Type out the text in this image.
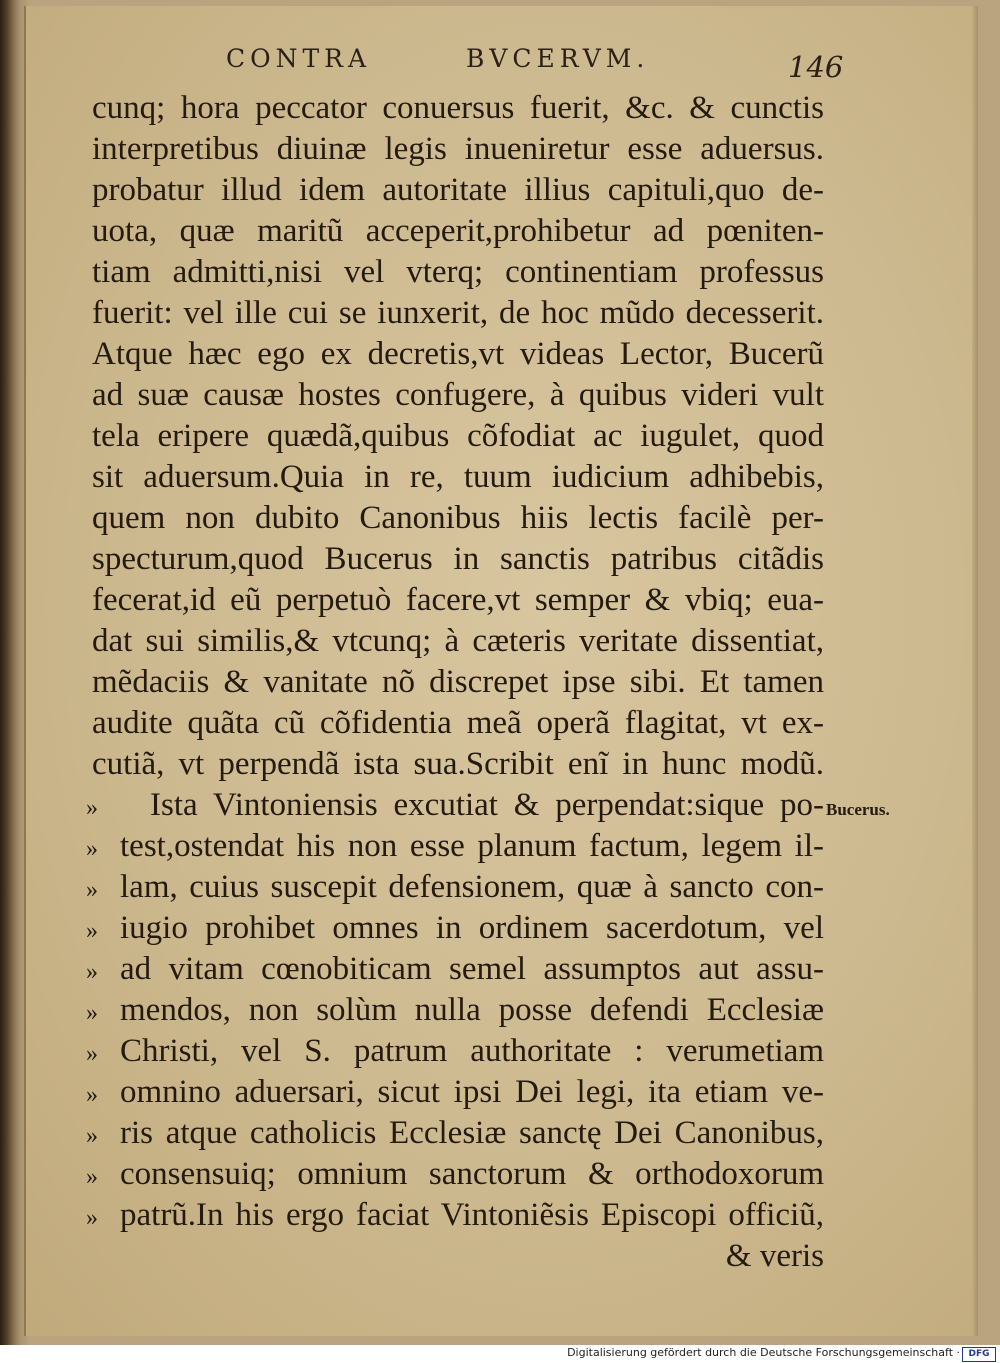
CONTRA	BVCERVM.	146
cunq; hora peccator conuersus fuerit, &c. & cunctis
interpretibus diuinæ legis inueniretur esse aduersus.
probatur illud idem autoritate illius capituli,quo de-
uota, quæ maritũ acceperit,prohibetur ad pœniten-
tiam admitti,nisi vel vterq; continentiam professus
fuerit: vel ille cui se iunxerit, de hoc mũdo decesserit.
Atque hæc ego ex decretis,vt videas Lector, Bucerũ
ad suæ causæ hostes confugere, à quibus videri vult
tela eripere quædã,quibus cõfodiat ac iugulet, quod
sit aduersum.Quia in re, tuum iudicium adhibebis,
quem non dubito Canonibus hiis lectis facilè per-
specturum,quod Bucerus in sanctis patribus citãdis
fecerat,id eũ perpetuò facere,vt semper & vbiq; eua-
dat sui similis,& vtcunq; à cæteris veritate dissentiat,
mẽdaciis & vanitate nõ discrepet ipse sibi. Et tamen
audite quãta cũ cõfidentia meã operã flagitat, vt ex-
cutiã, vt perpendã ista sua.Scribit enĩ in hunc modũ.
» Ista Vintoniensis excutiat & perpendat:sique po- Bucerus.
» test,ostendat his non esse planum factum, legem il-
» lam, cuius suscepit defensionem, quæ à sancto con-
» iugio prohibet omnes in ordinem sacerdotum, vel
» ad vitam cœnobiticam semel assumptos aut assu-
» mendos, non solùm nulla posse defendi Ecclesiæ
» Christi, vel S. patrum authoritate : verumetiam
» omnino aduersari, sicut ipsi Dei legi, ita etiam ve-
» ris atque catholicis Ecclesiæ sanctę Dei Canonibus,
» consensuiq; omnium sanctorum & orthodoxorum
» patrũ.In his ergo faciat Vintoniẽsis Episcopi officiũ,
& veris
Digitalisierung gefördert durch die Deutsche Forschungsgemeinschaft · DFG
